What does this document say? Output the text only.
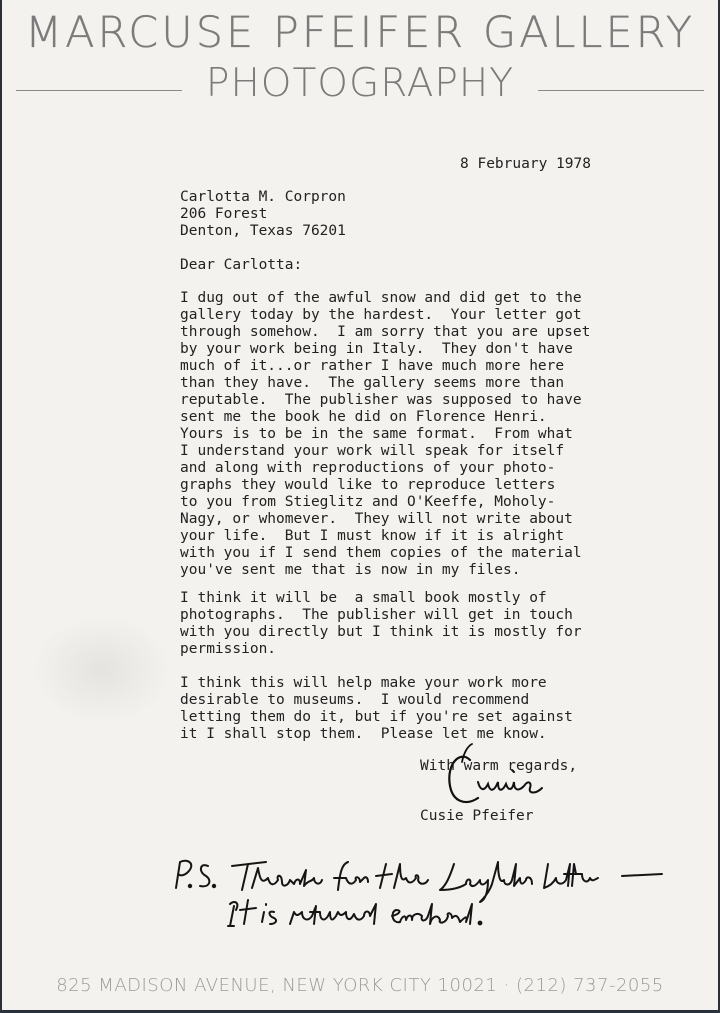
MARCUSE PFEIFER GALLERY
PHOTOGRAPHY
8 February 1978
Carlotta M. Corpron
206 Forest
Denton, Texas 76201
Dear Carlotta:
I dug out of the awful snow and did get to the
gallery today by the hardest.  Your letter got
through somehow.  I am sorry that you are upset
by your work being in Italy.  They don't have
much of it...or rather I have much more here
than they have.  The gallery seems more than
reputable.  The publisher was supposed to have
sent me the book he did on Florence Henri.
Yours is to be in the same format.  From what
I understand your work will speak for itself
and along with reproductions of your photo-
graphs they would like to reproduce letters
to you from Stieglitz and O'Keeffe, Moholy-
Nagy, or whomever.  They will not write about
your life.  But I must know if it is alright
with you if I send them copies of the material
you've sent me that is now in my files.
I think it will be  a small book mostly of
photographs.  The publisher will get in touch
with you directly but I think it is mostly for
permission.
I think this will help make your work more
desirable to museums.  I would recommend
letting them do it, but if you're set against
it I shall stop them.  Please let me know.
With warm regards,
Cusie Pfeifer
825 MADISON AVENUE, NEW YORK CITY 10021 · (212) 737-2055
